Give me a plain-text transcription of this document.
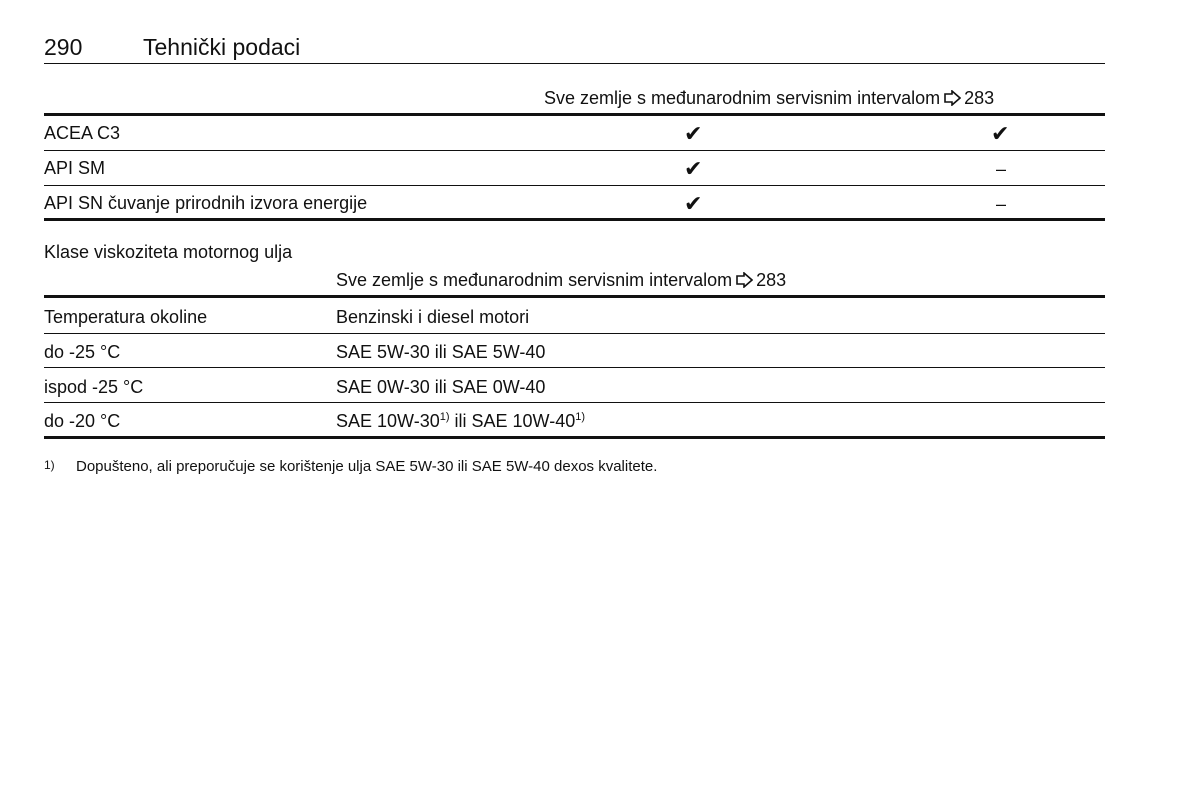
290	Tehnički podaci
Sve zemlje s međunarodnim servisnim intervalom 283
ACEA C3	✔	✔
API SM	✔	–
API SN čuvanje prirodnih izvora energije	✔	–
Klase viskoziteta motornog ulja
Sve zemlje s međunarodnim servisnim intervalom 283
Temperatura okoline	Benzinski i diesel motori
do -25 °C	SAE 5W-30 ili SAE 5W-40
ispod -25 °C	SAE 0W-30 ili SAE 0W-40
do -20 °C	SAE 10W-30$^{1)}$ ili SAE 10W-40$^{1)}$
1) Dopušteno, ali preporučuje se korištenje ulja SAE 5W-30 ili SAE 5W-40 dexos kvalitete.
